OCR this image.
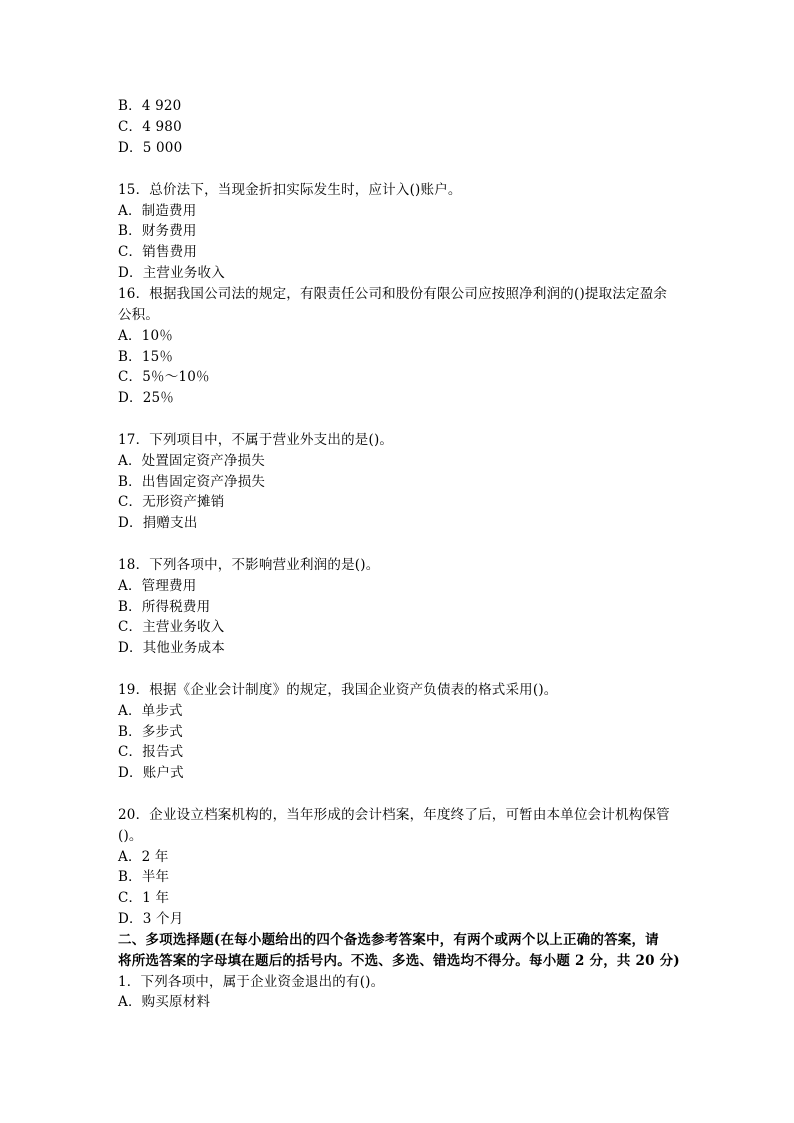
B．4 920
C．4 980
D．5 000
15．总价法下，当现金折扣实际发生时，应计入()账户。
A．制造费用
B．财务费用
C．销售费用
D．主营业务收入
16．根据我国公司法的规定，有限责任公司和股份有限公司应按照净利润的()提取法定盈余
公积。
A．10％
B．15％
C．5％～10％
D．25％
17．下列项目中，不属于营业外支出的是()。
A．处置固定资产净损失
B．出售固定资产净损失
C．无形资产摊销
D．捐赠支出
18．下列各项中，不影响营业利润的是()。
A．管理费用
B．所得税费用
C．主营业务收入
D．其他业务成本
19．根据《企业会计制度》的规定，我国企业资产负债表的格式采用()。
A．单步式
B．多步式
C．报告式
D．账户式
20．企业设立档案机构的，当年形成的会计档案，年度终了后，可暂由本单位会计机构保管
()。
A．2 年
B．半年
C．1 年
D．3 个月
二、多项选择题(在每小题给出的四个备选参考答案中，有两个或两个以上正确的答案，请
将所选答案的字母填在题后的括号内。不选、多选、错选均不得分。每小题 2 分，共 20 分)
1．下列各项中，属于企业资金退出的有()。
A．购买原材料
